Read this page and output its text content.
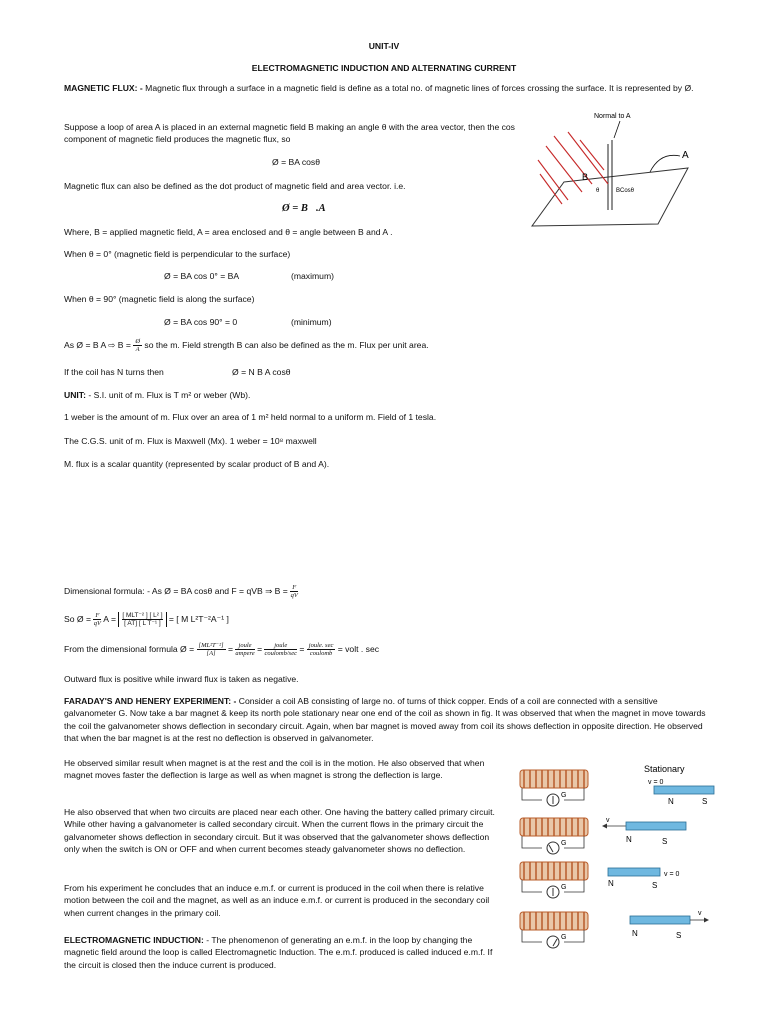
UNIT-IV
ELECTROMAGNETIC INDUCTION AND ALTERNATING CURRENT
MAGNETIC FLUX: - Magnetic flux through a surface in a magnetic field is define as a total no. of magnetic lines of forces crossing the surface. It is represented by Ø.
Suppose a loop of area A is placed in an external magnetic field B making an angle θ with the area vector, then the cos component of magnetic field produces the magnetic flux, so
Ø = BA cosθ
Magnetic flux can also be defined as the dot product of magnetic field and area vector. i.e.
Ø = B⃗.A⃗
Where, B = applied magnetic field, A = area enclosed and θ = angle between B and A .
When θ = 0° (magnetic field is perpendicular to the surface)
Ø = BA cos 0° = BA	(maximum)
When θ = 90° (magnetic field is along the surface)
Ø = BA cos 90° = 0	(minimum)
As Ø = B A ⇨ $B = \frac{Ø}{A}$ so the m. Field strength B can also be defined as the m. Flux per unit area.
If the coil has N turns then	Ø = N B A cosθ
UNIT: - S.I. unit of m. Flux is T m² or weber (Wb).
1 weber is the amount of m. Flux over an area of 1 m² held normal to a uniform m. Field of 1 tesla.
The C.G.S. unit of m. Flux is Maxwell (Mx). 1 weber = 10⁸ maxwell
M. flux is a scalar quantity (represented by scalar product of B and A).
Normal to A
A
B
θ	BCosθ
Dimensional formula: - As Ø = BA cosθ and F = qVB ⇒ $B = \frac{F}{qV}$
So Ø = $\frac{F}{qV}$ A = [ MLT⁻² ] [ L² ]
[ AT] [ L T⁻¹ ] = [ M L²T⁻²A⁻¹ ]
From the dimensional formula Ø = $\frac{\text{[ML²T⁻²]}}{[A]} = \frac{\text{joule}}{\text{ampere}} = \frac{\text{joule}}{\text{coulomb/sec}} = \frac{\text{joule. sec}}{\text{coulomb}}$ = volt . sec
Outward flux is positive while inward flux is taken as negative.
FARADAY'S AND HENERY EXPERIMENT: - Consider a coil AB consisting of large no. of turns of thick copper. Ends of a coil are connected with a sensitive galvanometer G. Now take a bar magnet & keep its north pole stationary near one end of the coil as shown in fig. It was observed that when the magnet in move towards the coil the galvanometer shows deflection in secondary circuit. Again, when bar magnet is moved away from coil its shows deflection in opposite direction. He observed that when the bar magnet is at the rest no deflection is observed in galvanometer.
He observed similar result when magnet is at the rest and the coil is in the motion. He also observed that when magnet moves faster the deflection is large as well as when magnet is strong the deflection is large.
He also observed that when two circuits are placed near each other. One having the battery called primary circuit. While other having a galvanometer is called secondary circuit. When the current flows in the primary circuit the galvanometer shows deflection in secondary circuit. But it was observed that the galvanometer shows deflection only when the switch is ON or OFF and when current becomes steady galvanometer shows no deflection.
From his experiment he concludes that an induce e.m.f. or current is produced in the coil when there is relative motion between the coil and the magnet, as well as an induce e.m.f. or current is produced in the secondary coil when current changes in the primary coil.
ELECTROMAGNETIC INDUCTION: - The phenomenon of generating an e.m.f. in the loop by changing the magnetic field around the loop is called Electromagnetic Induction. The e.m.f. produced is called induced e.m.f. If the circuit is closed then the induce current is produced.
G
Stationary
v = 0
N	S
G
v
N	S
G
v = 0
N	S
G
v
N	S
